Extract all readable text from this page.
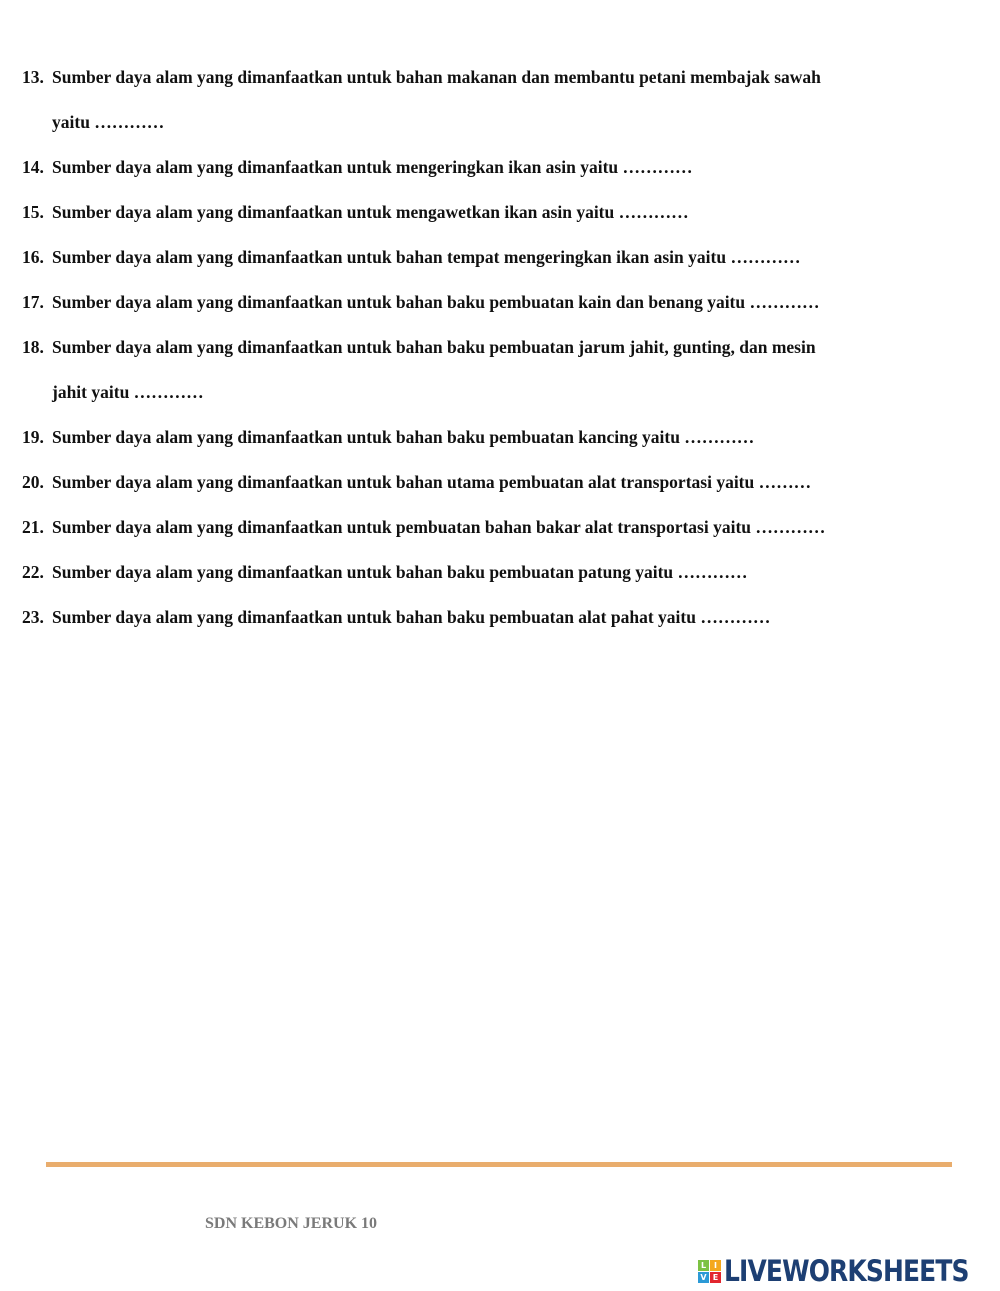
13. Sumber daya alam yang dimanfaatkan untuk bahan makanan dan membantu petani membajak sawah
yaitu …………
14. Sumber daya alam yang dimanfaatkan untuk mengeringkan ikan asin yaitu …………
15. Sumber daya alam yang dimanfaatkan untuk mengawetkan ikan asin yaitu …………
16. Sumber daya alam yang dimanfaatkan untuk bahan tempat mengeringkan ikan asin yaitu …………
17. Sumber daya alam yang dimanfaatkan untuk bahan baku pembuatan kain dan benang yaitu …………
18. Sumber daya alam yang dimanfaatkan untuk bahan baku pembuatan jarum jahit, gunting, dan mesin
jahit yaitu …………
19. Sumber daya alam yang dimanfaatkan untuk bahan baku pembuatan kancing yaitu …………
20. Sumber daya alam yang dimanfaatkan untuk bahan utama pembuatan alat transportasi yaitu ………
21. Sumber daya alam yang dimanfaatkan untuk pembuatan bahan bakar alat transportasi yaitu …………
22. Sumber daya alam yang dimanfaatkan untuk bahan baku pembuatan patung yaitu …………
23. Sumber daya alam yang dimanfaatkan untuk bahan baku pembuatan alat pahat yaitu …………
SDN KEBON JERUK 10
L I
V E LIVEWORKSHEETS
